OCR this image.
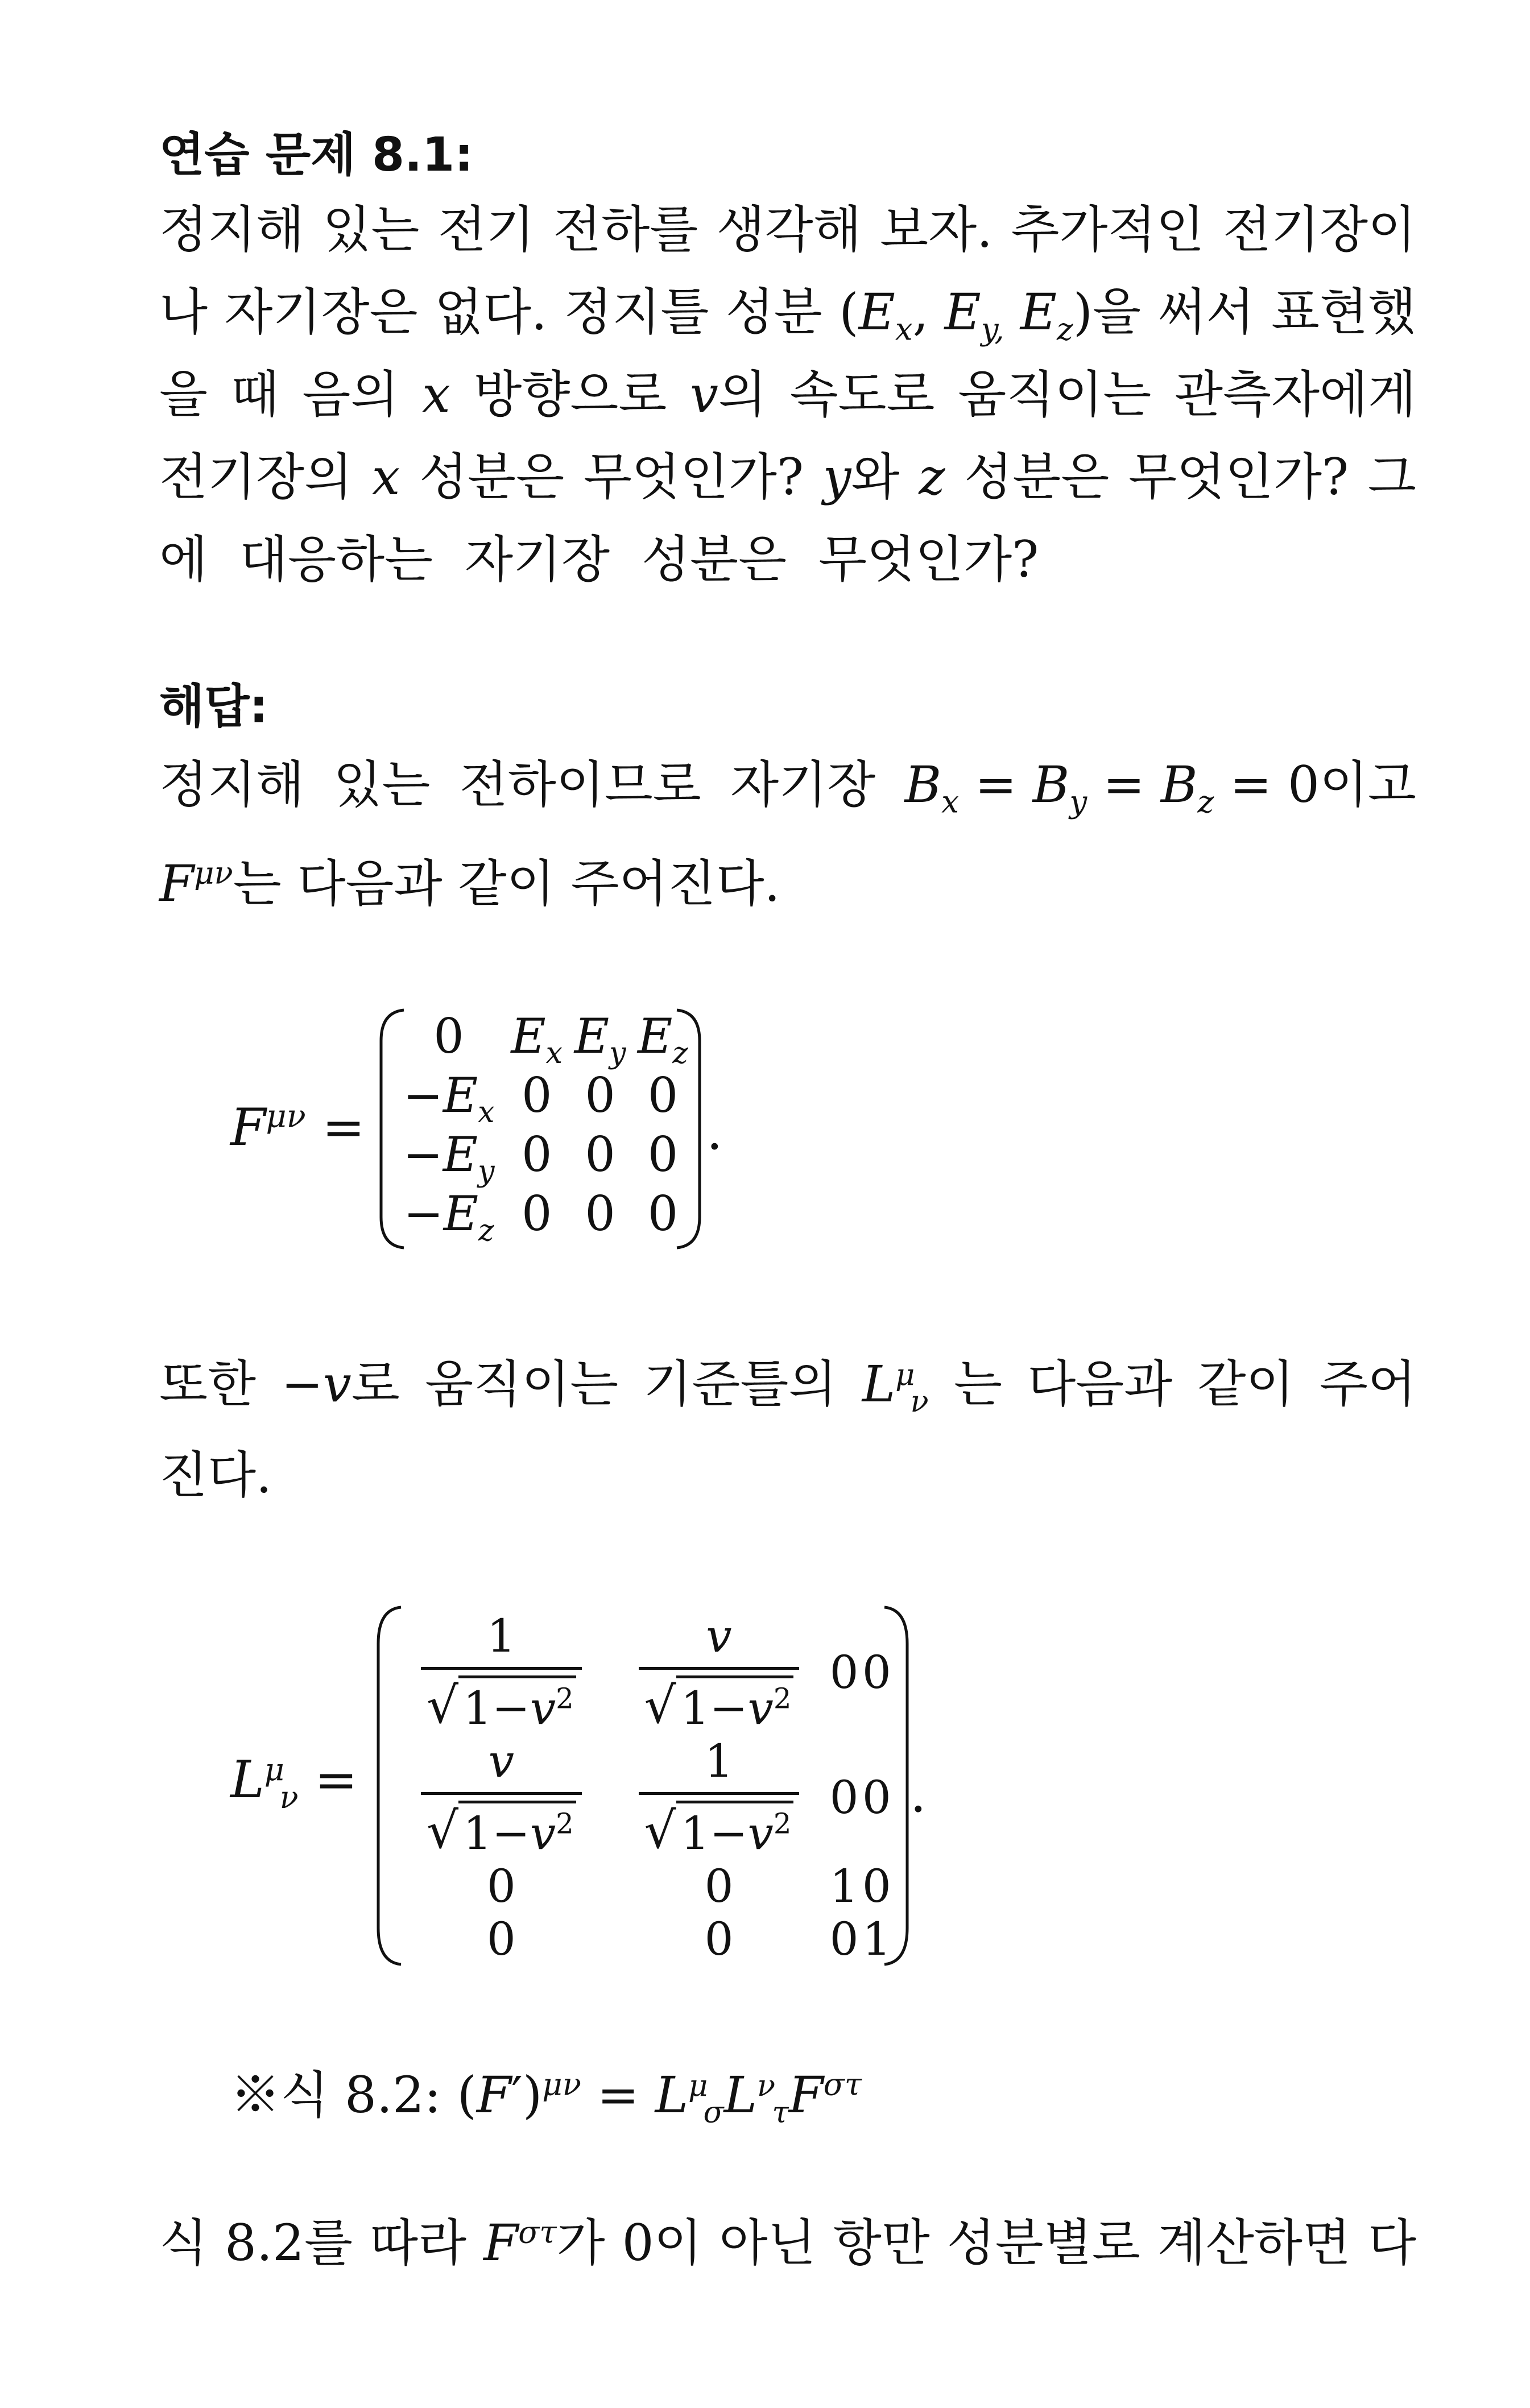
연습 문제 8.1:
정지해 있는 전기 전하를 생각해 보자. 추가적인 전기장이
나 자기장은 없다. 정지틀 성분 ($E_x$, $E_{y,}$ $E_z$)을 써서 표현했
을 때 음의 x 방향으로 v의 속도로 움직이는 관측자에게
전기장의 x 성분은 무엇인가? y와 z 성분은 무엇인가? 그
에 대응하는 자기장 성분은 무엇인가?
해답:
정지해 있는 전하이므로 자기장 $B_x = B_y = B_z = 0$이고
$F^{\mu\nu}$는 다음과 같이 주어진다.
$F^{\mu\nu}$ =
0	$E_x$	$E_y$	$E_z$
$-E_x$	0	0	0
$-E_y$	0	0	0
$-E_z$	0	0	0
.
또한 −v로 움직이는 기준틀의 L μ
ν 는 다음과 같이 주어
진다.
L μ
ν =
$\frac{1}{√ 1-v^2}$	$\frac{v}{√ 1-v^2}$	0	0

$\frac{v}{√ 1-v^2}$	$\frac{1}{√ 1-v^2}$	0	0
0	0	1	0
0	0	0	1
.
※식 8.2: $(F')^{\mu\nu} = L$ μ
σ L ν
τ $F^{\sigma\tau}$
식 8.2를 따라 $F^{\sigma\tau}$가 0이 아닌 항만 성분별로 계산하면 다
